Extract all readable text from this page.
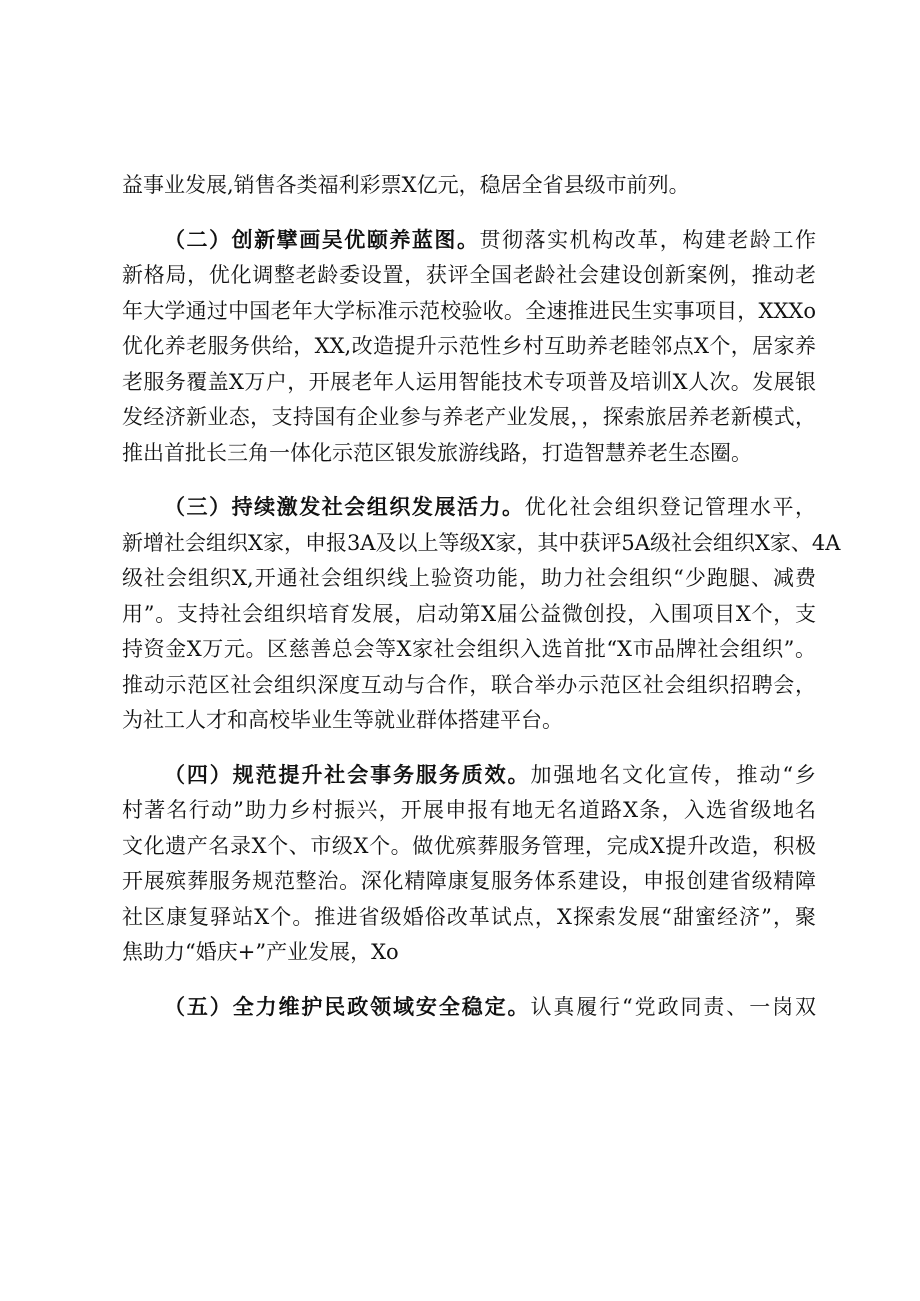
益事业发展,销售各类福利彩票X亿元，稳居全省县级市前列。
（二）创新擘画吴优颐养蓝图。贯彻落实机构改革，构建老龄工作
新格局，优化调整老龄委设置，获评全国老龄社会建设创新案例，推动老
年大学通过中国老年大学标准示范校验收。全速推进民生实事项目，XXXo
优化养老服务供给，XX,改造提升示范性乡村互助养老睦邻点X个，居家养
老服务覆盖X万户，开展老年人运用智能技术专项普及培训X人次。发展银
发经济新业态，支持国有企业参与养老产业发展，，探索旅居养老新模式，
推出首批长三角一体化示范区银发旅游线路，打造智慧养老生态圈。
（三）持续激发社会组织发展活力。优化社会组织登记管理水平，
新增社会组织X家，申报3A及以上等级X家，其中获评5A级社会组织X家、4A
级社会组织X,开通社会组织线上验资功能，助力社会组织“少跑腿、减费
用”。支持社会组织培育发展，启动第X届公益微创投，入围项目X个，支
持资金X万元。区慈善总会等X家社会组织入选首批“X市品牌社会组织”。
推动示范区社会组织深度互动与合作，联合举办示范区社会组织招聘会，
为社工人才和高校毕业生等就业群体搭建平台。
（四）规范提升社会事务服务质效。加强地名文化宣传，推动“乡
村著名行动”助力乡村振兴，开展申报有地无名道路X条，入选省级地名
文化遗产名录X个、市级X个。做优殡葬服务管理，完成X提升改造，积极
开展殡葬服务规范整治。深化精障康复服务体系建设，申报创建省级精障
社区康复驿站X个。推进省级婚俗改革试点，X探索发展“甜蜜经济”，聚
焦助力“婚庆+”产业发展，Xo
（五）全力维护民政领域安全稳定。认真履行“党政同责、一岗双
